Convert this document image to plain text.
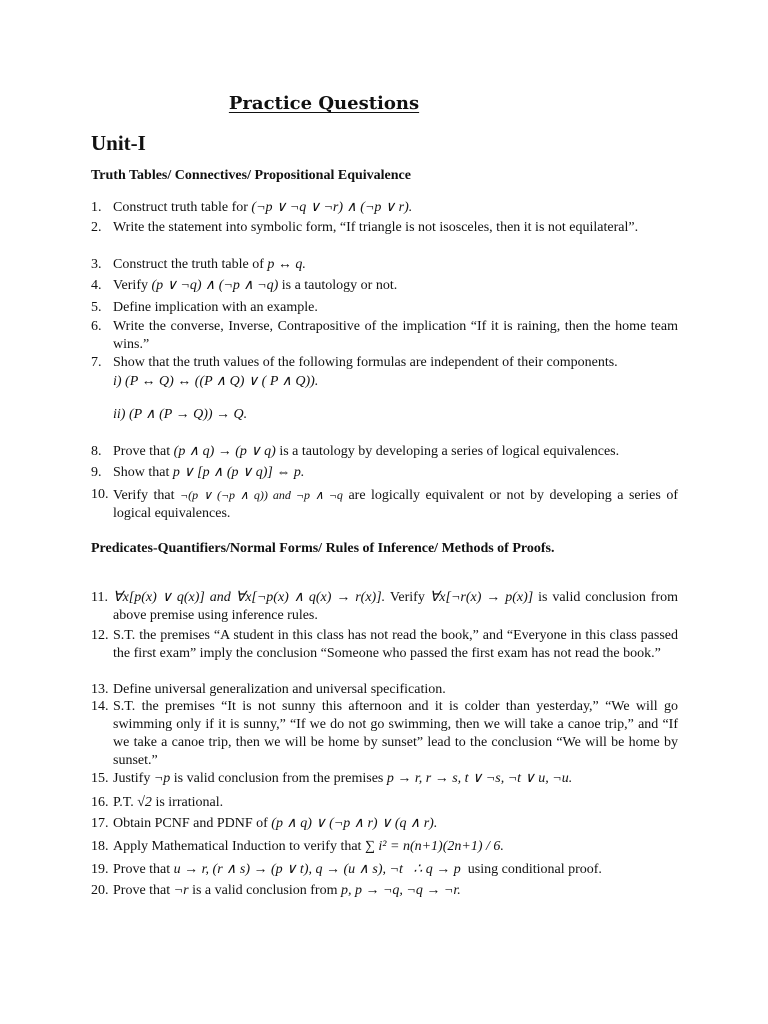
Practice Questions
Unit-I
Truth Tables/ Connectives/ Propositional Equivalence
1. Construct truth table for (¬p ∨ ¬q ∨ ¬r) ∧ (¬p ∨ r).
2. Write the statement into symbolic form, “If triangle is not isosceles, then it is not equilateral”.
3. Construct the truth table of p ↔ q.
4. Verify (p ∨ ¬q) ∧ (¬p ∧ ¬q) is a tautology or not.
5. Define implication with an example.
6. Write the converse, Inverse, Contrapositive of the implication “If it is raining, then the home team wins.”
7. Show that the truth values of the following formulas are independent of their components.
i) (P ↔ Q) ↔ ((P ∧ Q) ∨ ( P ∧ Q)).
ii) (P ∧ (P → Q)) → Q.
8. Prove that (p ∧ q) → (p ∨ q) is a tautology by developing a series of logical equivalences.
9. Show that p ∨ [p ∧ (p ∨ q)] ⇔ p.
10. Verify that ¬(p ∨ (¬p ∧ q)) and ¬p ∧ ¬q are logically equivalent or not by developing a series of logical equivalences.
Predicates-Quantifiers/Normal Forms/ Rules of Inference/ Methods of Proofs.
11. ∀x[p(x) ∨ q(x)] and ∀x[¬p(x) ∧ q(x) → r(x)]. Verify ∀x[¬r(x) → p(x)] is valid conclusion from above premise using inference rules.
12. S.T. the premises “A student in this class has not read the book,” and “Everyone in this class passed the first exam” imply the conclusion “Someone who passed the first exam has not read the book.”
13. Define universal generalization and universal specification.
14. S.T. the premises “It is not sunny this afternoon and it is colder than yesterday,” “We will go swimming only if it is sunny,” “If we do not go swimming, then we will take a canoe trip,” and “If we take a canoe trip, then we will be home by sunset” lead to the conclusion “We will be home by sunset.”
15. Justify ¬p is valid conclusion from the premises p → r, r → s, t ∨ ¬s, ¬t ∨ u, ¬u.
16. P.T. √2 is irrational.
17. Obtain PCNF and PDNF of (p ∧ q) ∨ (¬p ∧ r) ∨ (q ∧ r).
18. Apply Mathematical Induction to verify that ∑ i² = n(n+1)(2n+1) / 6.
19. Prove that u → r, (r ∧ s) → (p ∨ t), q → (u ∧ s), ¬t ∴ q → p using conditional proof.
20. Prove that ¬r is a valid conclusion from p, p → ¬q, ¬q → ¬r.
